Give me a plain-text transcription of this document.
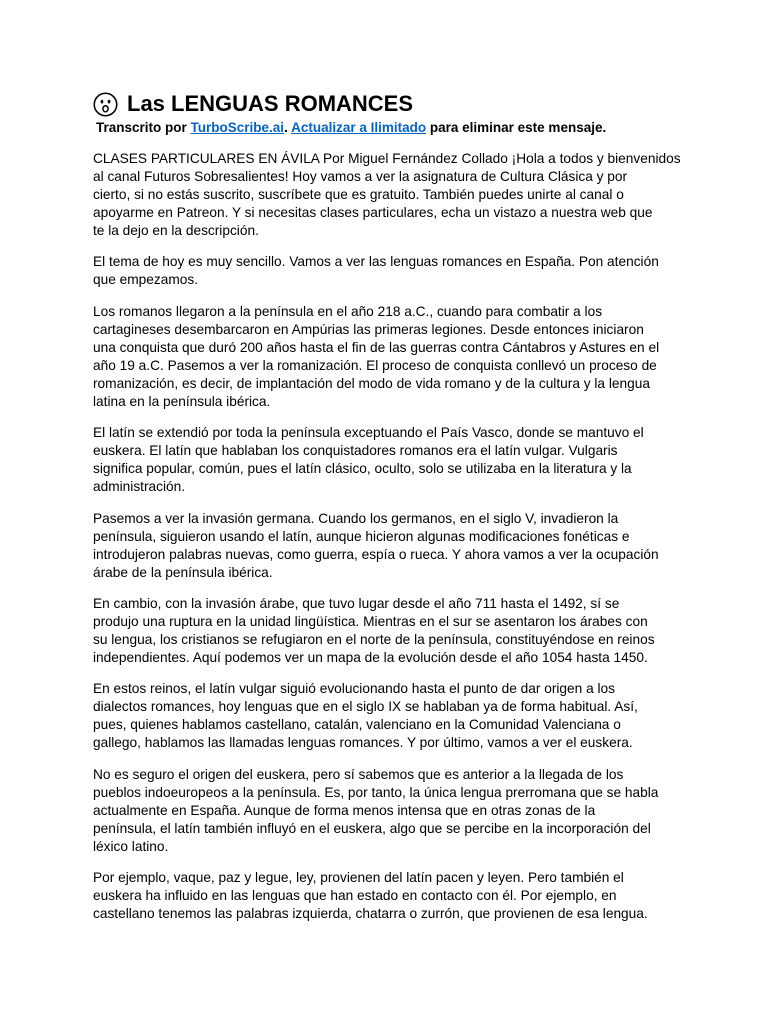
Las LENGUAS ROMANCES
Transcrito por TurboScribe.ai. Actualizar a Ilimitado para eliminar este mensaje.
CLASES PARTICULARES EN ÁVILA Por Miguel Fernández Collado ¡Hola a todos y bienvenidos
al canal Futuros Sobresalientes! Hoy vamos a ver la asignatura de Cultura Clásica y por
cierto, si no estás suscrito, suscríbete que es gratuito. También puedes unirte al canal o
apoyarme en Patreon. Y si necesitas clases particulares, echa un vistazo a nuestra web que
te la dejo en la descripción.
El tema de hoy es muy sencillo. Vamos a ver las lenguas romances en España. Pon atención
que empezamos.
Los romanos llegaron a la península en el año 218 a.C., cuando para combatir a los
cartagineses desembarcaron en Ampúrias las primeras legiones. Desde entonces iniciaron
una conquista que duró 200 años hasta el fin de las guerras contra Cántabros y Astures en el
año 19 a.C. Pasemos a ver la romanización. El proceso de conquista conllevó un proceso de
romanización, es decir, de implantación del modo de vida romano y de la cultura y la lengua
latina en la península ibérica.
El latín se extendió por toda la península exceptuando el País Vasco, donde se mantuvo el
euskera. El latín que hablaban los conquistadores romanos era el latín vulgar. Vulgaris
significa popular, común, pues el latín clásico, oculto, solo se utilizaba en la literatura y la
administración.
Pasemos a ver la invasión germana. Cuando los germanos, en el siglo V, invadieron la
península, siguieron usando el latín, aunque hicieron algunas modificaciones fonéticas e
introdujeron palabras nuevas, como guerra, espía o rueca. Y ahora vamos a ver la ocupación
árabe de la península ibérica.
En cambio, con la invasión árabe, que tuvo lugar desde el año 711 hasta el 1492, sí se
produjo una ruptura en la unidad lingüística. Mientras en el sur se asentaron los árabes con
su lengua, los cristianos se refugiaron en el norte de la península, constituyéndose en reinos
independientes. Aquí podemos ver un mapa de la evolución desde el año 1054 hasta 1450.
En estos reinos, el latín vulgar siguió evolucionando hasta el punto de dar origen a los
dialectos romances, hoy lenguas que en el siglo IX se hablaban ya de forma habitual. Así,
pues, quienes hablamos castellano, catalán, valenciano en la Comunidad Valenciana o
gallego, hablamos las llamadas lenguas romances. Y por último, vamos a ver el euskera.
No es seguro el origen del euskera, pero sí sabemos que es anterior a la llegada de los
pueblos indoeuropeos a la península. Es, por tanto, la única lengua prerromana que se habla
actualmente en España. Aunque de forma menos intensa que en otras zonas de la
península, el latín también influyó en el euskera, algo que se percibe en la incorporación del
léxico latino.
Por ejemplo, vaque, paz y legue, ley, provienen del latín pacen y leyen. Pero también el
euskera ha influido en las lenguas que han estado en contacto con él. Por ejemplo, en
castellano tenemos las palabras izquierda, chatarra o zurrón, que provienen de esa lengua.
